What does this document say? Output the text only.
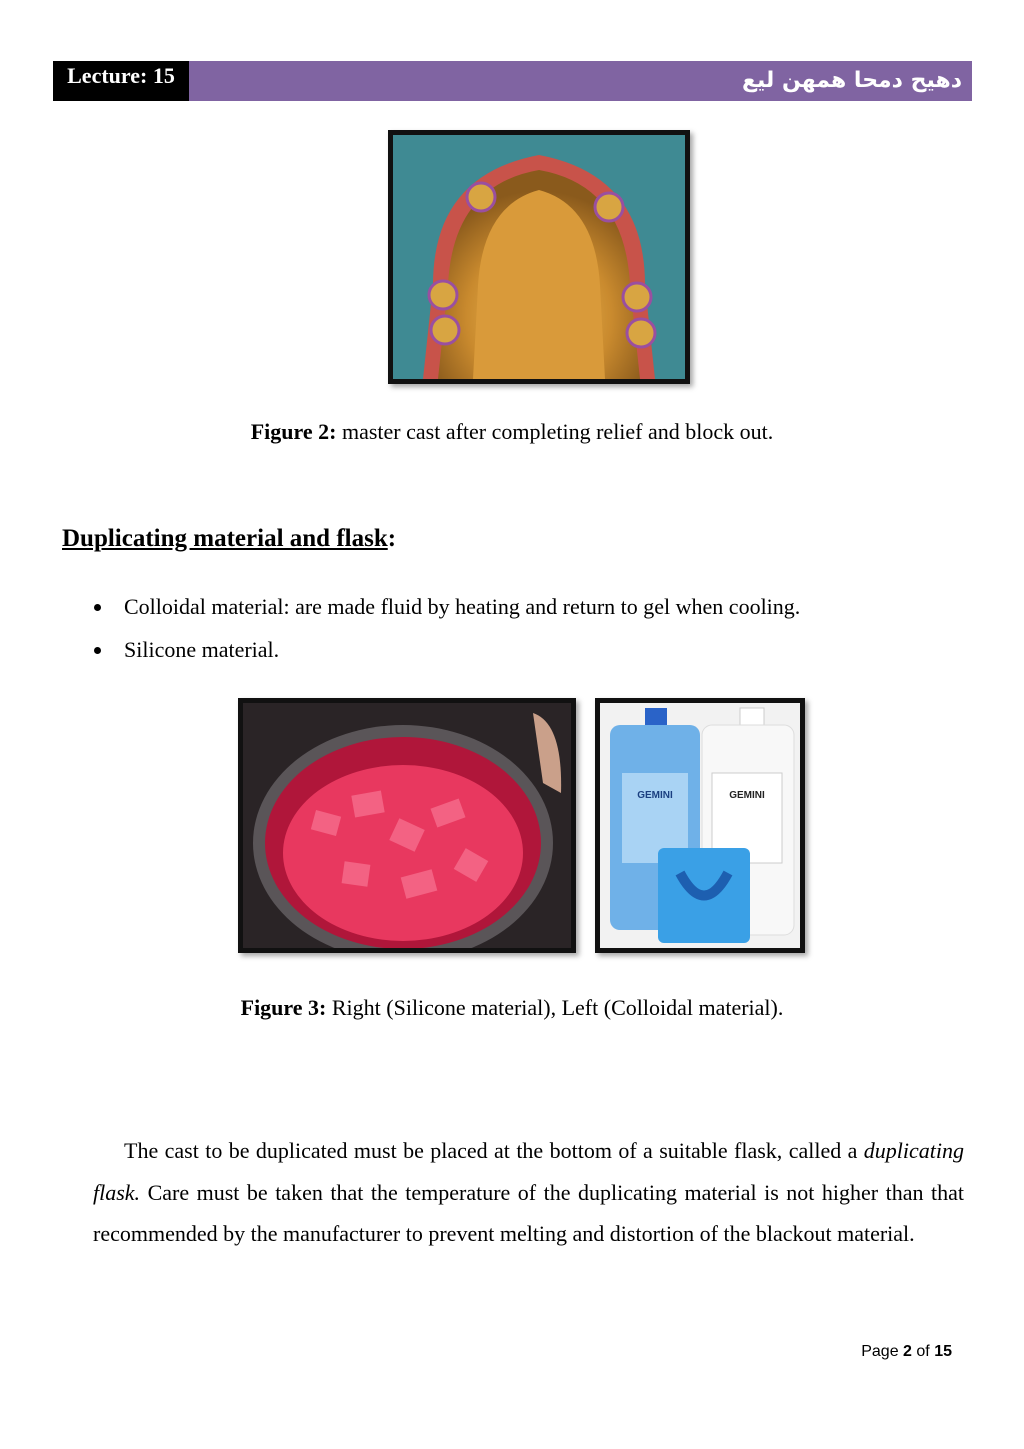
Lecture: 15	دهيح دمحا همهن ليع
Figure 2: master cast after completing relief and block out.
Duplicating material and flask:
Colloidal material: are made fluid by heating and return to gel when cooling.
Silicone material.
GEMINI	GEMINI
Figure 3: Right (Silicone material), Left (Colloidal material).

The cast to be duplicated must be placed at the bottom of a suitable flask, called a duplicating flask. Care must be taken that the temperature of the duplicating material is not higher than that recommended by the manufacturer to prevent melting and distortion of the blackout material.

Page 2 of 15
